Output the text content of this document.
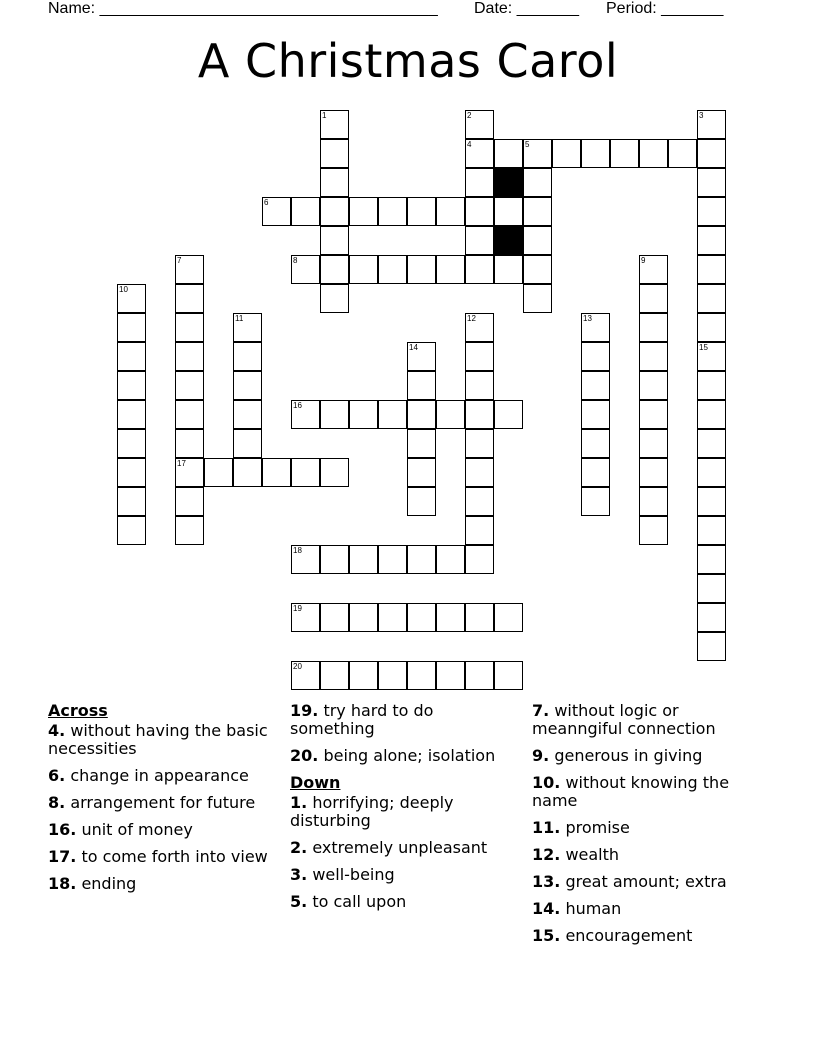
Name: ______________________________________ Date: _______ Period: _______
A Christmas Carol
1	2
4
3
5
6
7
17
8	9
10
11	12	13
14	15
16
18
19
20
Across
4. without having the basic necessities
6. change in appearance
8. arrangement for future
16. unit of money
17. to come forth into view
18. ending
19. try hard to do something
20. being alone; isolation
Down
1. horrifying; deeply disturbing
2. extremely unpleasant
3. well-being
5. to call upon
7. without logic or meanngiful connection
9. generous in giving
10. without knowing the name
11. promise
12. wealth
13. great amount; extra
14. human
15. encouragement
